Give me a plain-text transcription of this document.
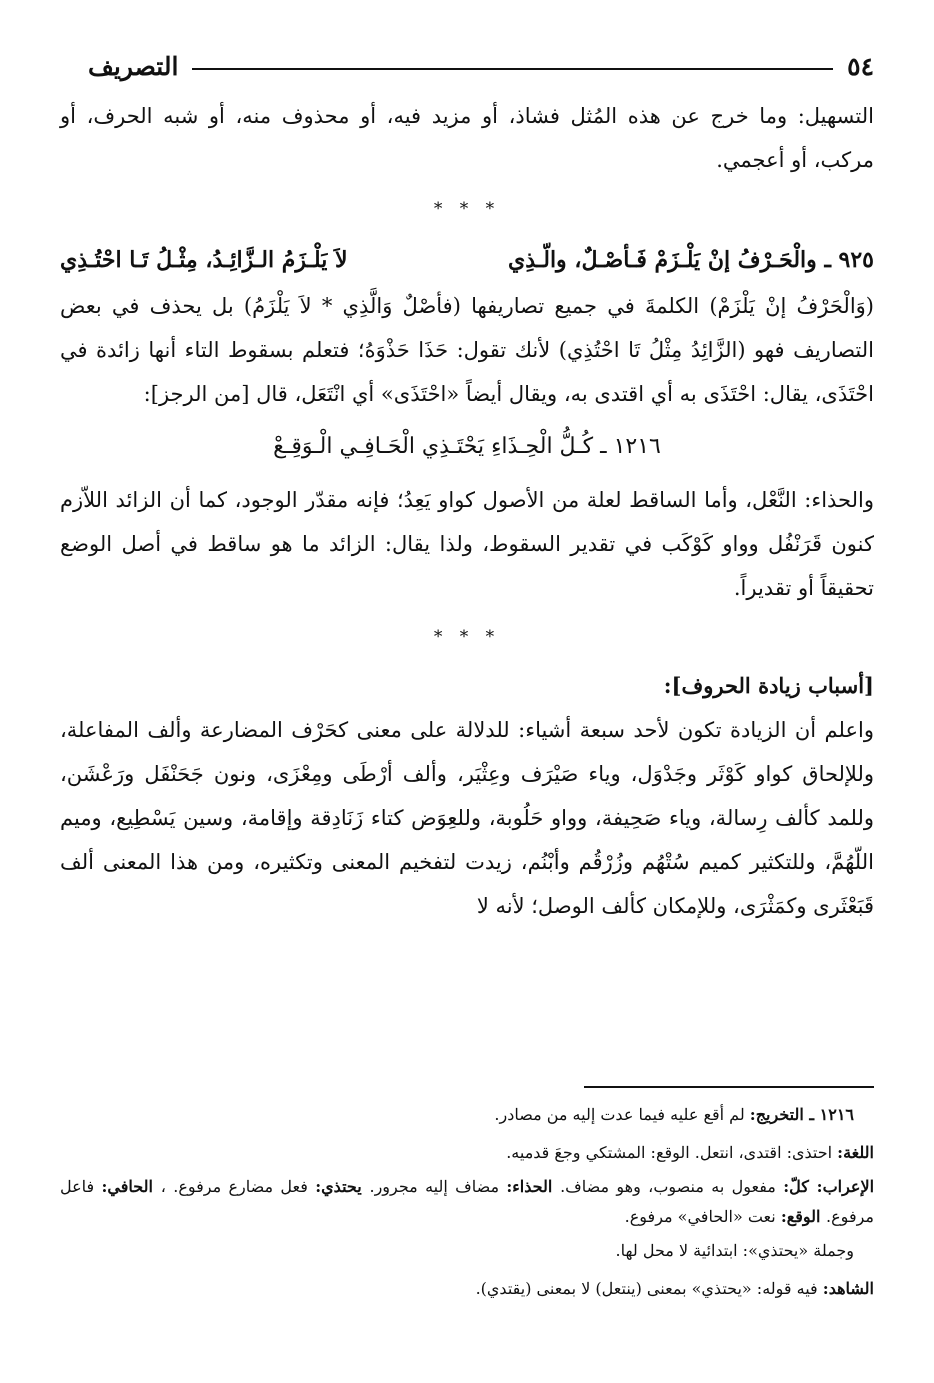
٥٤
التصريف

التسهيل: وما خرج عن هذه المُثل فشاذ، أو مزيد فيه، أو محذوف منه، أو شبه الحرف، أو مركب، أو أعجمي.

* * *
٩٢٥ ـ والْحَـرْفُ إنْ يَلْـزَمْ فَـأصْـلٌ، والّـذِي
لاَ يَلْـزَمُ الـزَّائِـدُ، مِثْـلُ تَـا احْتُـذِي

(وَالْحَرْفُ إنْ يَلْزَمْ) الكلمةَ في جميع تصاريفها (فأصْلٌ وَالَّذِي * لاَ يَلْزَمُ) بل يحذف في بعض التصاريف فهو (الزَّائِدُ مِثْلُ تَا احْتُذِي) لأنك تقول: حَذَا حَذْوَهُ؛ فتعلم بسقوط التاء أنها زائدة في احْتَذَى، يقال: احْتَذَى به أي اقتدى به، ويقال أيضاً «احْتَذَى» أي انْتَعَل، قال [من الرجز]:

١٢١٦ ـ كُـلُّ الْحِـذَاءِ يَحْتَـذِي الْحَـافِـي الْـوَقِـعْ

والحذاء: النَّعْل، وأما الساقط لعلة من الأصول كواو يَعِدُ؛ فإنه مقدّر الوجود، كما أن الزائد اللاّزم كنون قَرَنْفُل وواو كَوْكَب في تقدير السقوط، ولذا يقال: الزائد ما هو ساقط في أصل الوضع تحقيقاً أو تقديراً.

* * *
[أسباب زيادة الحروف]:

واعلم أن الزيادة تكون لأحد سبعة أشياء: للدلالة على معنى كحَرْف المضارعة وألف المفاعلة، وللإلحاق كواو كَوْثَر وجَدْوَل، وياء صَيْرَف وعِثْيَر، وألف أرْطَى ومِعْزَى، ونون جَحَنْفَل ورَعْشَن، وللمد كألف رِسالة، وياء صَحِيفة، وواو حَلُوبة، وللعِوَض كتاء زَنَادِقة وإقامة، وسين يَسْطِيع، وميم اللّهُمَّ، وللتكثير كميم سُتْهُم وزُرْقُم وأبْنُم، زيدت لتفخيم المعنى وتكثيره، ومن هذا المعنى ألف قَبَعْثَرى وكمَثْرَى، وللإمكان كألف الوصل؛ لأنه لا

١٢١٦ ـ التخريج: لم أقع عليه فيما عدت إليه من مصادر.

اللغة: احتذى: اقتدى، انتعل. الوقع: المشتكي وجعَ قدميه.

الإعراب: كلّ: مفعول به منصوب، وهو مضاف. الحذاء: مضاف إليه مجرور. يحتذي: فعل مضارع مرفوع. ، الحافي: فاعل مرفوع. الوقع: نعت «الحافي» مرفوع.

وجملة «يحتذي»: ابتدائية لا محل لها.

الشاهد: فيه قوله: «يحتذي» بمعنى (ينتعل) لا بمعنى (يقتدي).
